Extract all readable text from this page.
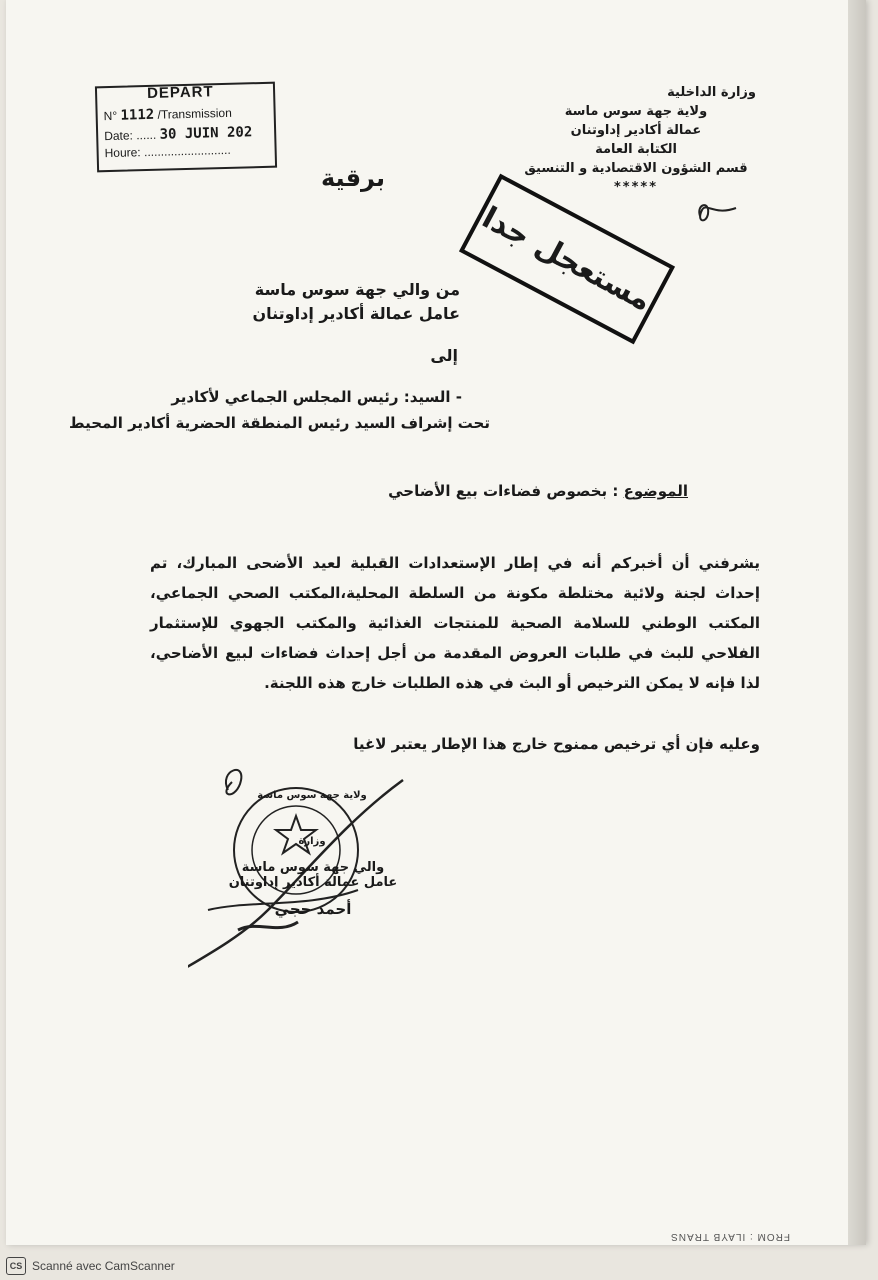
DEPART
N° 1112 /Transmission
Date: ...... 30 JUIN 202
Houre: ..........................
وزارة الداخلية
ولاية جهة سوس ماسة
عمالة أكادير إداوتنان
الكتابة العامة
قسم الشؤون الاقتصادية و التنسيق
*****
برقية
مستعجل جدا
من والي جهة سوس ماسة
عامل عمالة أكادير إداوتنان
إلى
- السيد: رئيس المجلس الجماعي لأكادير
تحت إشراف السيد رئيس المنطقة الحضرية أكادير المحيط
الموضوع : بخصوص فضاءات بيع الأضاحي
يشرفني أن أخبركم أنه في إطار الإستعدادات القبلية لعيد الأضحى المبارك، تم إحداث لجنة ولائية مختلطة مكونة من السلطة المحلية،المكتب الصحي الجماعي، المكتب الوطني للسلامة الصحية للمنتجات الغذائية والمكتب الجهوي للإستثمار الفلاحي للبث في طلبات العروض المقدمة من أجل إحداث فضاءات لبيع الأضاحي، لذا فإنه لا يمكن الترخيص أو البث في هذه الطلبات خارج هذه اللجنة.
وعليه فإن أي ترخيص ممنوح خارج هذا الإطار يعتبر لاغيا
والي جهة سوس ماسة
عامل عمالة أكادير إداوتنان
أحمد حجي
ولاية جهة سوس ماسة
وزارة
FROM : ILAYB TRANS
CS Scanné avec CamScanner
